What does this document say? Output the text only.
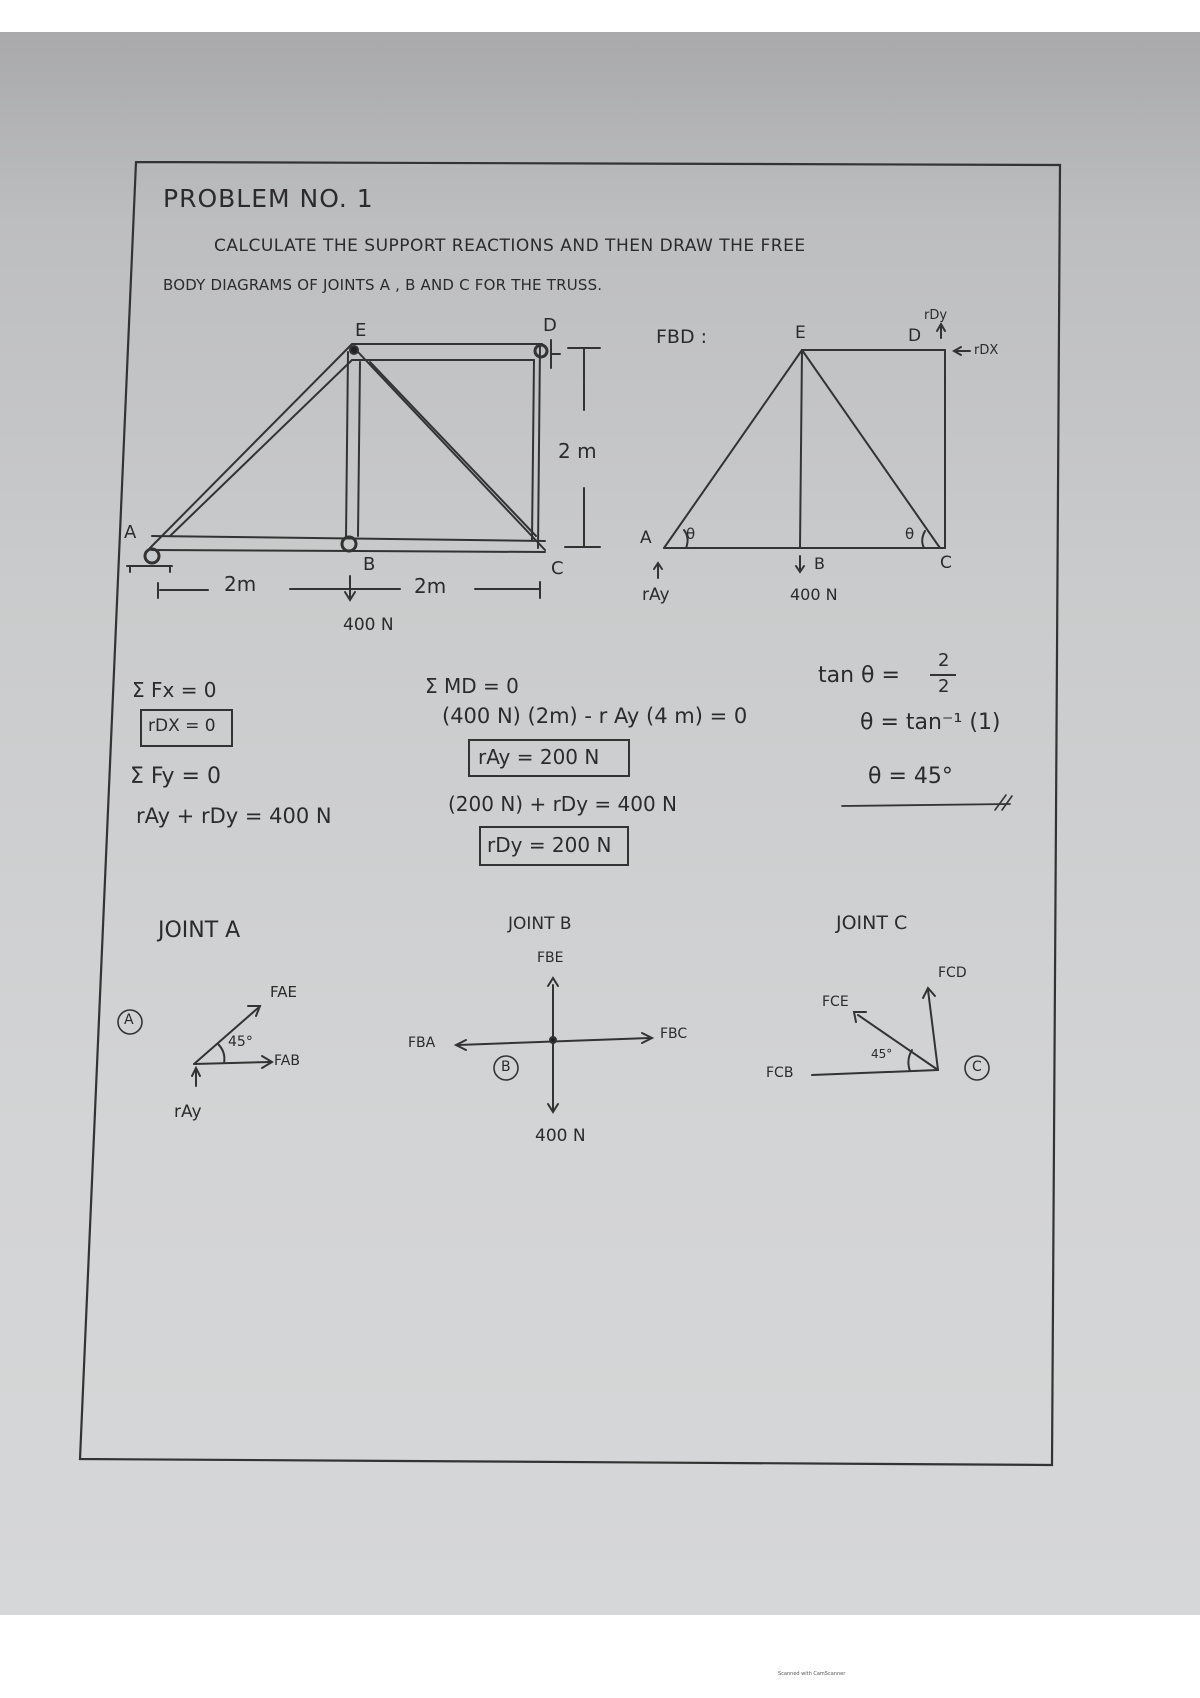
PROBLEM NO. 1
CALCULATE THE SUPPORT REACTIONS AND THEN DRAW THE FREE
BODY DIAGRAMS OF JOINTS A , B AND C FOR THE TRUSS.
E	D
A
B	C
2 m
2m	2m
400 N
FBD :	E	D
A
B	C
θ	θ
rAy
rDy
rDX
400 N
Σ Fx = 0
rDX = 0
Σ Fy = 0
rAy + rDy = 400 N
Σ MD = 0
(400 N) (2m) - r Ay (4 m) = 0
rAy = 200 N
(200 N) + rDy = 400 N
rDy = 200 N
tan θ =
2
2
θ = tan⁻¹ (1)
θ = 45°
JOINT A
A
FAE
45°
FAB
rAy
JOINT B
FBE
FBA
FBC
B
400 N
JOINT C
FCD
FCE
45°
FCB	C
Scanned with CamScanner
